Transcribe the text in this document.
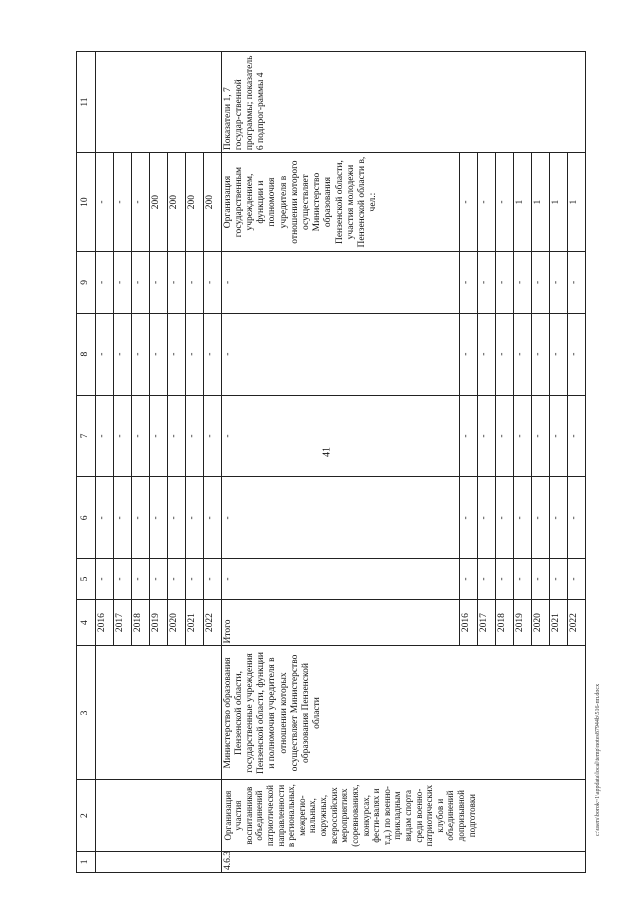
41
1	2	3	4	5	6	7	8	9	10	11
			2016	-	-	-	-	-	-	
			2017	-	-	-	-	-	-	
			2018	-	-	-	-	-	-	
			2019	-	-	-	-	-	200	
			2020	-	-	-	-	-	200	
			2021	-	-	-	-	-	200	
			2022	-	-	-	-	-	200	
4.6.3	Организация участия воспитанников объединений патриотической направленности в региональных, межрегио-нальных, окружных, всероссийских мероприятиях (соревнованиях, конкурсах, фести-валях и т.д.) по военно-прикладным видам спорта среди военно-патриотических клубов и объединений допризывной подготовки	Министерство образования Пензенской области, государственные учреждения Пензенской области, функции и полномочия учредителя в отношении которых осуществляет Министерство образования Пензенской области	Итого	-	-	-	-	-	Организация государственным учреждением, функции и полномочия учредителя в отношении которого осуществляет Министерство образования Пензенской области, участия молодежи Пензенской области в, чел.:	Показатели 1, 7 государ-ственной программы; показатель 6 подпрог-раммы 4
			2016	-	-	-	-	-	-	
			2017	-	-	-	-	-	-	
			2018	-	-	-	-	-	-	
			2019	-	-	-	-	-	1	
			2020	-	-	-	-	-	1	
			2021	-	-	-	-	-	1	
			2022	-	-	-	-	-	1	
c:\users\borok~1\appdata\local\temp\notes87944b\516-пп.docx
